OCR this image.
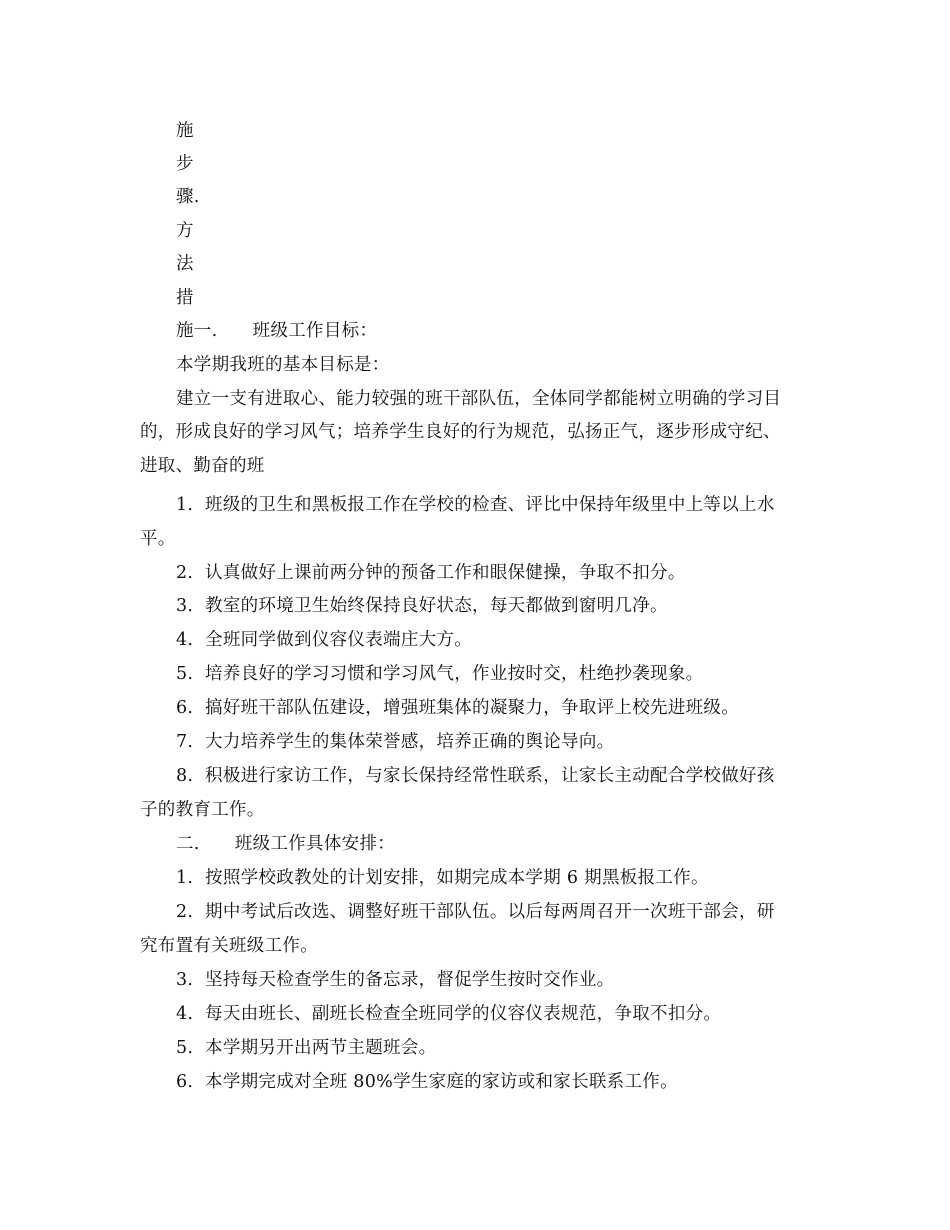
施
步
骤.
方
法
措
施一.      班级工作目标：
本学期我班的基本目标是：
建立一支有进取心、能力较强的班干部队伍，全体同学都能树立明确的学习目
的，形成良好的学习风气；培养学生良好的行为规范，弘扬正气，逐步形成守纪、
进取、勤奋的班
1.  班级的卫生和黑板报工作在学校的检查、评比中保持年级里中上等以上水
平。
2.  认真做好上课前两分钟的预备工作和眼保健操，争取不扣分。
3.  教室的环境卫生始终保持良好状态，每天都做到窗明几净。
4.  全班同学做到仪容仪表端庄大方。
5.  培养良好的学习习惯和学习风气，作业按时交，杜绝抄袭现象。
6.  搞好班干部队伍建设，增强班集体的凝聚力，争取评上校先进班级。
7.  大力培养学生的集体荣誉感，培养正确的舆论导向。
8.  积极进行家访工作，与家长保持经常性联系，让家长主动配合学校做好孩
子的教育工作。
二.      班级工作具体安排：
1.  按照学校政教处的计划安排，如期完成本学期 6 期黑板报工作。
2.  期中考试后改选、调整好班干部队伍。以后每两周召开一次班干部会，研
究布置有关班级工作。
3.  坚持每天检查学生的备忘录，督促学生按时交作业。
4.  每天由班长、副班长检查全班同学的仪容仪表规范，争取不扣分。
5.  本学期另开出两节主题班会。
6.  本学期完成对全班 80%学生家庭的家访或和家长联系工作。
